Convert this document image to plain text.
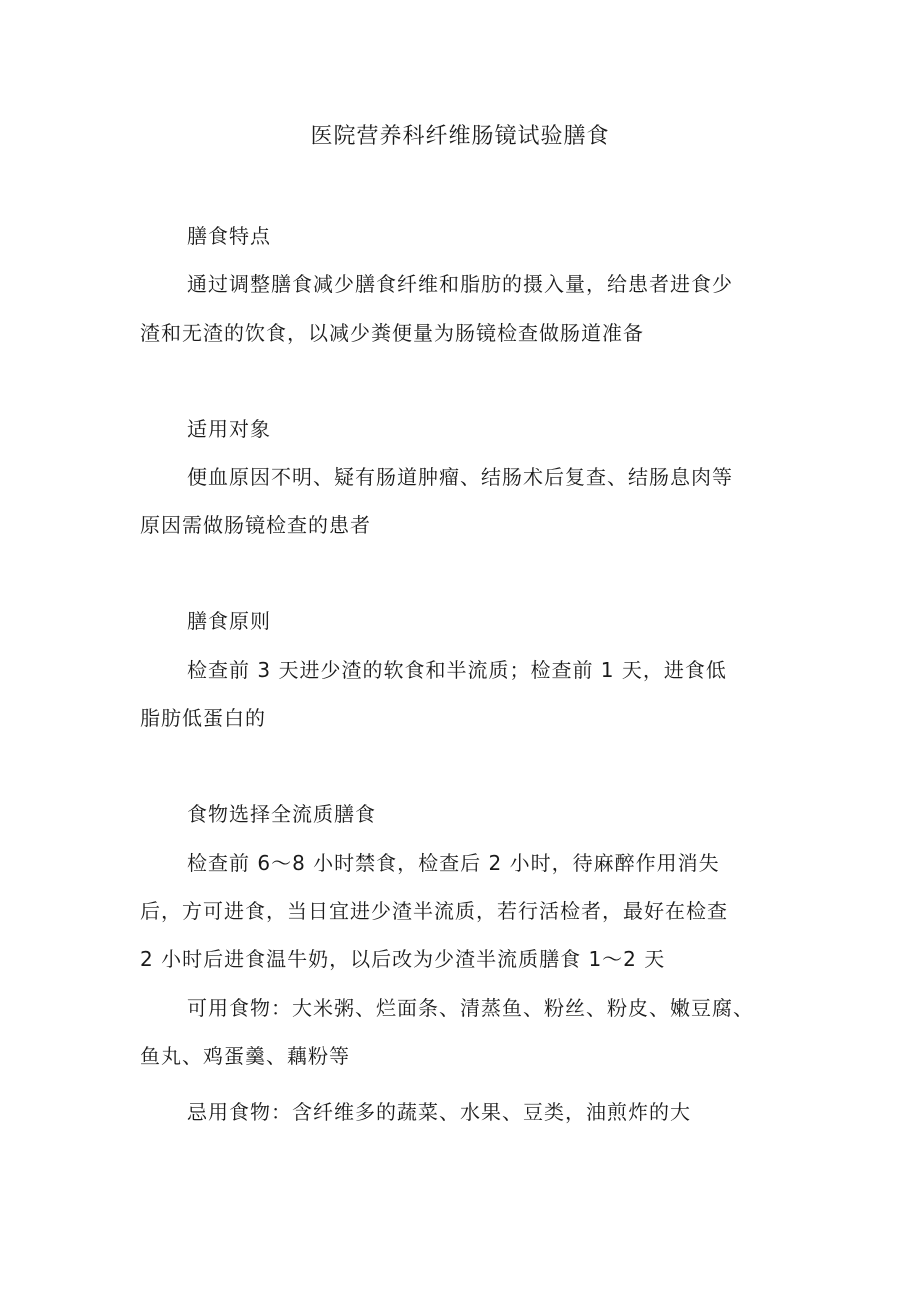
医院营养科纤维肠镜试验膳食
膳食特点
通过调整膳食减少膳食纤维和脂肪的摄入量，给患者进食少
渣和无渣的饮食，以减少粪便量为肠镜检查做肠道准备
适用对象
便血原因不明、疑有肠道肿瘤、结肠术后复查、结肠息肉等
原因需做肠镜检查的患者
膳食原则
检查前 3 天进少渣的软食和半流质；检查前 1 天，进食低
脂肪低蛋白的
食物选择全流质膳食
检查前 6～8 小时禁食，检查后 2 小时，待麻醉作用消失
后，方可进食，当日宜进少渣半流质，若行活检者，最好在检查
2 小时后进食温牛奶，以后改为少渣半流质膳食 1～2 天
可用食物：大米粥、烂面条、清蒸鱼、粉丝、粉皮、嫩豆腐、
鱼丸、鸡蛋羹、藕粉等
忌用食物：含纤维多的蔬菜、水果、豆类，油煎炸的大
